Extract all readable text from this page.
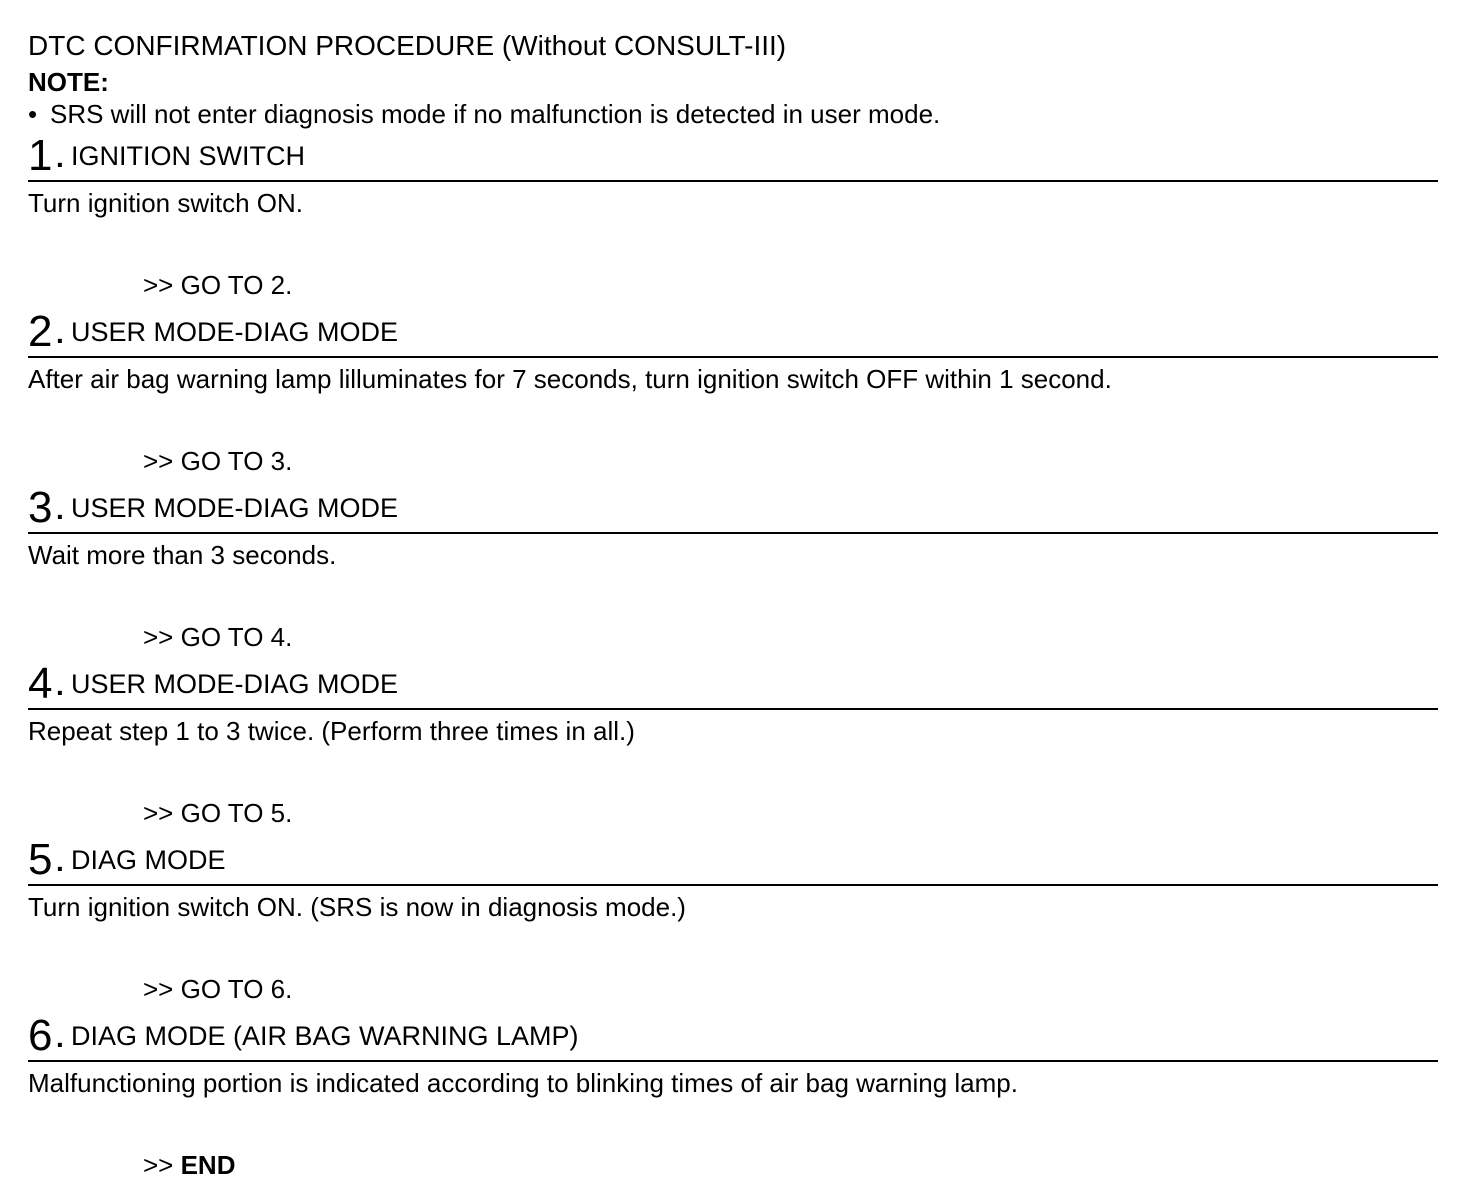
DTC CONFIRMATION PROCEDURE (Without CONSULT-III)
NOTE:
• SRS will not enter diagnosis mode if no malfunction is detected in user mode.
1 . IGNITION SWITCH
Turn ignition switch ON.
>> GO TO 2.
2 . USER MODE-DIAG MODE
After air bag warning lamp lilluminates for 7 seconds, turn ignition switch OFF within 1 second.
>> GO TO 3.
3 . USER MODE-DIAG MODE
Wait more than 3 seconds.
>> GO TO 4.
4 . USER MODE-DIAG MODE
Repeat step 1 to 3 twice. (Perform three times in all.)
>> GO TO 5.
5 . DIAG MODE
Turn ignition switch ON. (SRS is now in diagnosis mode.)
>> GO TO 6.
6 . DIAG MODE (AIR BAG WARNING LAMP)
Malfunctioning portion is indicated according to blinking times of air bag warning lamp.
>> END
